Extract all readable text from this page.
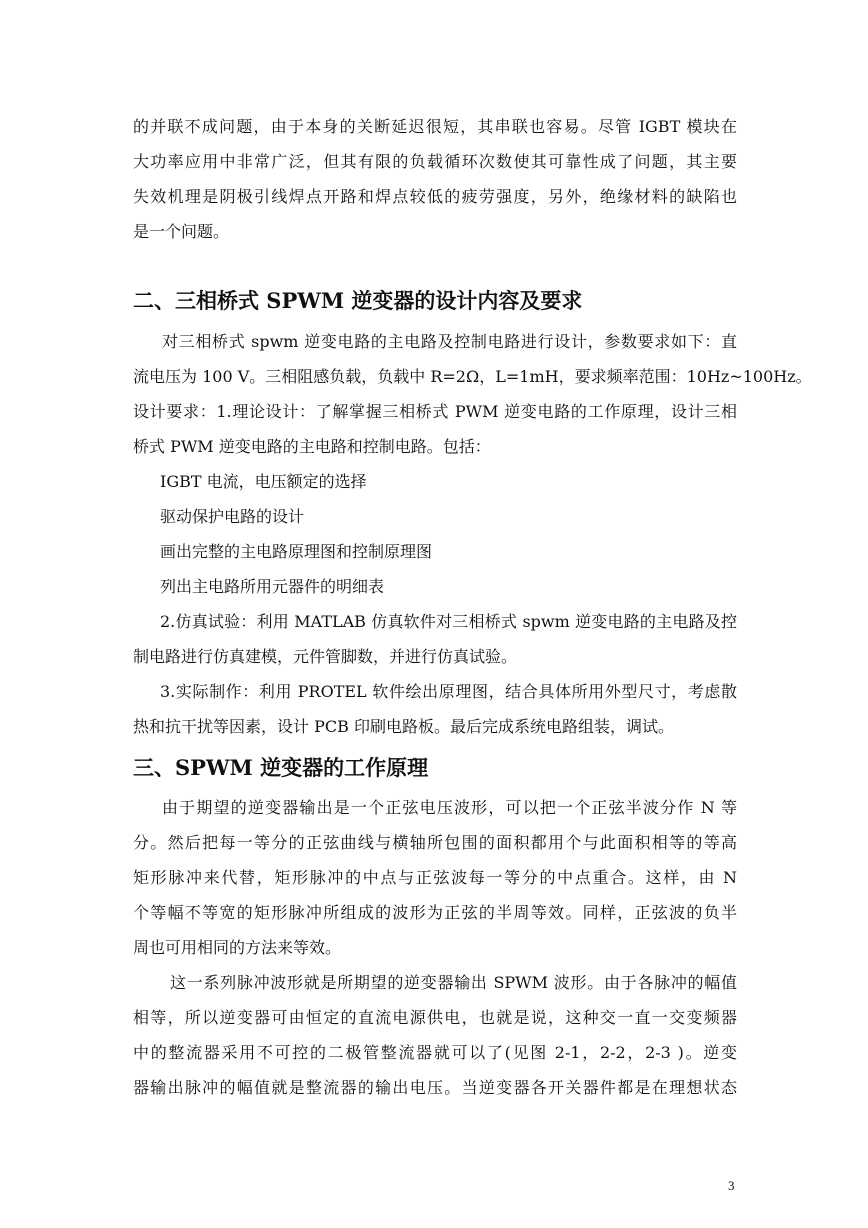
的并联不成问题，由于本身的关断延迟很短，其串联也容易。尽管 IGBT 模块在
大功率应用中非常广泛，但其有限的负载循环次数使其可靠性成了问题，其主要
失效机理是阴极引线焊点开路和焊点较低的疲劳强度，另外，绝缘材料的缺陷也
是一个问题。
二、三相桥式 SPWM 逆变器的设计内容及要求
对三相桥式 spwm 逆变电路的主电路及控制电路进行设计，参数要求如下：直
流电压为 100 V。三相阻感负载，负载中 R=2Ω，L=1mH，要求频率范围：10Hz~100Hz。
设计要求：1.理论设计：了解掌握三相桥式 PWM 逆变电路的工作原理，设计三相
桥式 PWM 逆变电路的主电路和控制电路。包括：
IGBT 电流，电压额定的选择
驱动保护电路的设计
画出完整的主电路原理图和控制原理图
列出主电路所用元器件的明细表
2.仿真试验：利用 MATLAB 仿真软件对三相桥式 spwm 逆变电路的主电路及控
制电路进行仿真建模，元件管脚数，并进行仿真试验。
3.实际制作：利用 PROTEL 软件绘出原理图，结合具体所用外型尺寸，考虑散
热和抗干扰等因素，设计 PCB 印刷电路板。最后完成系统电路组装，调试。
三、SPWM 逆变器的工作原理
由于期望的逆变器输出是一个正弦电压波形，可以把一个正弦半波分作 N 等
分。然后把每一等分的正弦曲线与横轴所包围的面积都用个与此面积相等的等高
矩形脉冲来代替，矩形脉冲的中点与正弦波每一等分的中点重合。这样，由 N
个等幅不等宽的矩形脉冲所组成的波形为正弦的半周等效。同样，正弦波的负半
周也可用相同的方法来等效。
这一系列脉冲波形就是所期望的逆变器输出 SPWM 波形。由于各脉冲的幅值
相等，所以逆变器可由恒定的直流电源供电，也就是说，这种交一直一交变频器
中的整流器采用不可控的二极管整流器就可以了(见图 2-1，2-2，2-3 )。逆变
器输出脉冲的幅值就是整流器的输出电压。当逆变器各开关器件都是在理想状态
3
